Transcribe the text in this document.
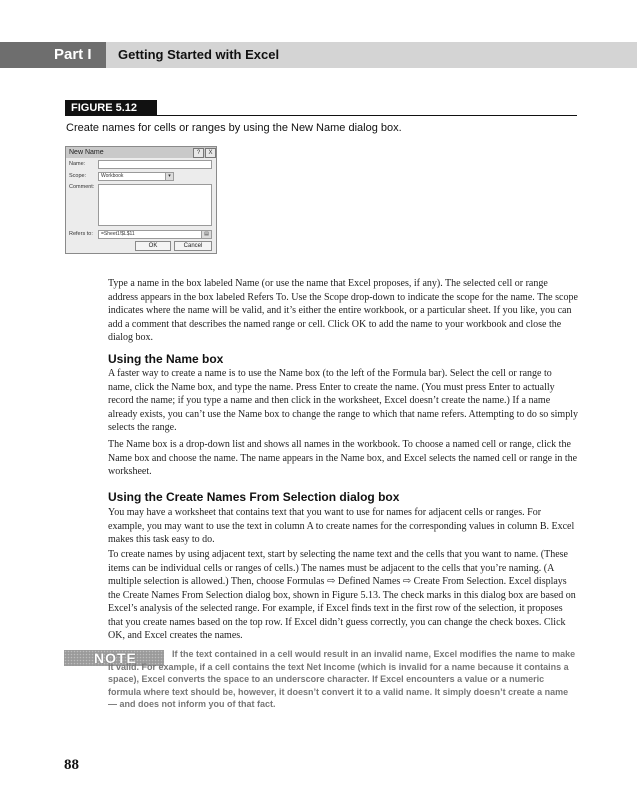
Part I Getting Started with Excel
FIGURE 5.12
Create names for cells or ranges by using the New Name dialog box.
New Name	?	X
Name:
Scope:	Workbook	▾
Comment:
Refers to:	=Sheet1!$L$11	▤
OK	Cancel

Type a name in the box labeled Name (or use the name that Excel proposes, if any). The selected cell or range address appears in the box labeled Refers To. Use the Scope drop-down to indicate the scope for the name. The scope indicates where the name will be valid, and it’s either the entire workbook, or a particular sheet. If you like, you can add a comment that describes the named range or cell. Click OK to add the name to your workbook and close the dialog box.

Using the Name box

A faster way to create a name is to use the Name box (to the left of the Formula bar). Select the cell or range to name, click the Name box, and type the name. Press Enter to create the name. (You must press Enter to actually record the name; if you type a name and then click in the worksheet, Excel doesn’t create the name.) If a name already exists, you can’t use the Name box to change the range to which that name refers. Attempting to do so simply selects the range.

The Name box is a drop-down list and shows all names in the workbook. To choose a named cell or range, click the Name box and choose the name. The name appears in the Name box, and Excel selects the named cell or range in the worksheet.

Using the Create Names From Selection dialog box

You may have a worksheet that contains text that you want to use for names for adjacent cells or ranges. For example, you may want to use the text in column A to create names for the corresponding values in column B. Excel makes this task easy to do.

To create names by using adjacent text, start by selecting the name text and the cells that you want to name. (These items can be individual cells or ranges of cells.) The names must be adjacent to the cells that you’re naming. (A multiple selection is allowed.) Then, choose Formulas ⇨ Defined Names ⇨ Create From Selection. Excel displays the Create Names From Selection dialog box, shown in Figure 5.13. The check marks in this dialog box are based on Excel’s analysis of the selected range. For example, if Excel finds text in the first row of the selection, it proposes that you create names based on the top row. If Excel didn’t guess correctly, you can change the check boxes. Click OK, and Excel creates the names.

NOTE	If the text contained in a cell would result in an invalid name, Excel modifies the name to make it valid. For example, if a cell contains the text Net Income (which is invalid for a name because it contains a space), Excel converts the space to an underscore character. If Excel encounters a value or a numeric formula where text should be, however, it doesn’t convert it to a valid name. It simply doesn’t create a name — and does not inform you of that fact.

88
